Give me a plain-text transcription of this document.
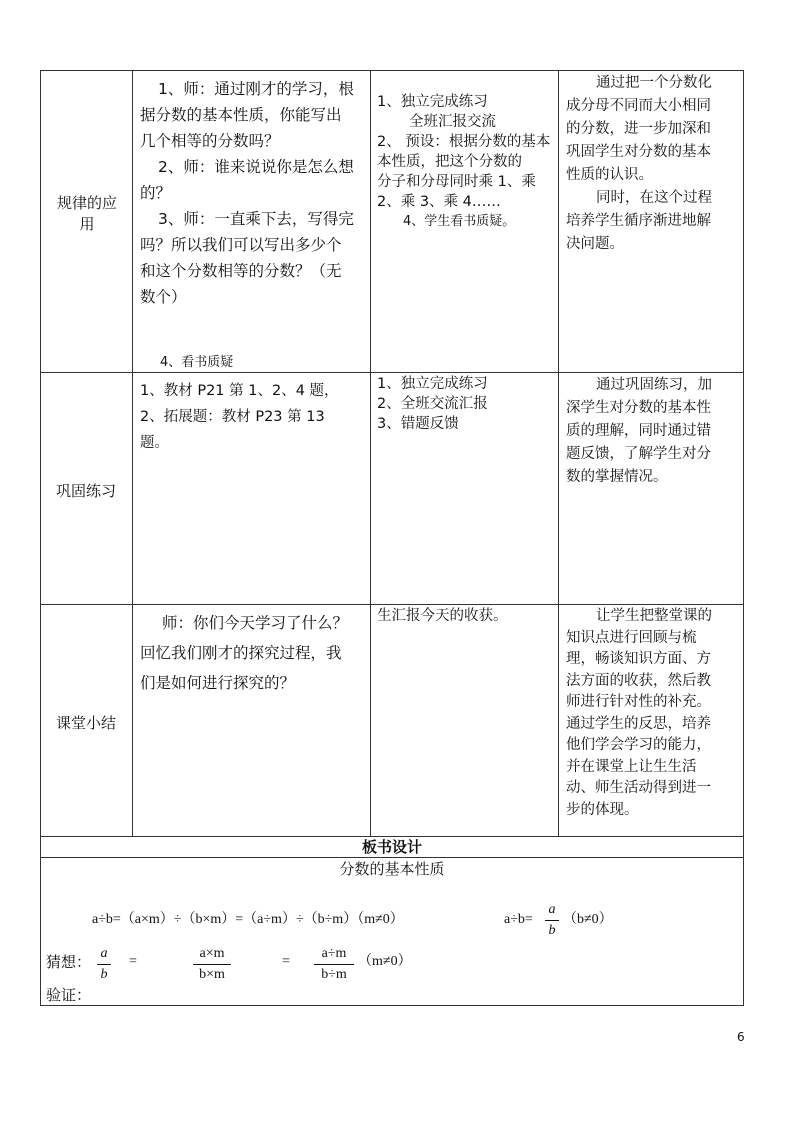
规律的应用
1、师：通过刚才的学习，根
据分数的基本性质，你能写出
几个相等的分数吗？
2、师：谁来说说你是怎么想
的？
3、师：一直乘下去，写得完
吗？所以我们可以写出多少个
和这个分数相等的分数？（无
数个）
4、看书质疑
1、独立完成练习
全班汇报交流
2、 预设：根据分数的基本
本性质，把这个分数的
分子和分母同时乘 1、乘
2、乘 3、乘 4……
4、学生看书质疑。
通过把一个分数化
成分母不同而大小相同
的分数，进一步加深和
巩固学生对分数的基本
性质的认识。
同时，在这个过程
培养学生循序渐进地解
决问题。
巩固练习
1、教材 P21 第 1、2、4 题，
2、拓展题：教材 P23 第 13
题。
1、独立完成练习
2、全班交流汇报
3、错题反馈
通过巩固练习，加
深学生对分数的基本性
质的理解，同时通过错
题反馈，了解学生对分
数的掌握情况。
课堂小结
师：你们今天学习了什么？
回忆我们刚才的探究过程，我
们是如何进行探究的？
生汇报今天的收获。	让学生把整堂课的
知识点进行回顾与梳
理，畅谈知识方面、方
法方面的收获，然后教
师进行针对性的补充。
通过学生的反思，培养
他们学会学习的能力，
并在课堂上让生生活
动、师生活动得到进一
步的体现。
板书设计
分数的基本性质
a÷b=（a×m）÷（b×m）=（a÷m）÷（b÷m）（m≠0）	a÷b=
a
b
（b≠0）
猜想： a
b
=
a×m
b×m
=
a÷m
b÷m
（m≠0）
验证：
6
